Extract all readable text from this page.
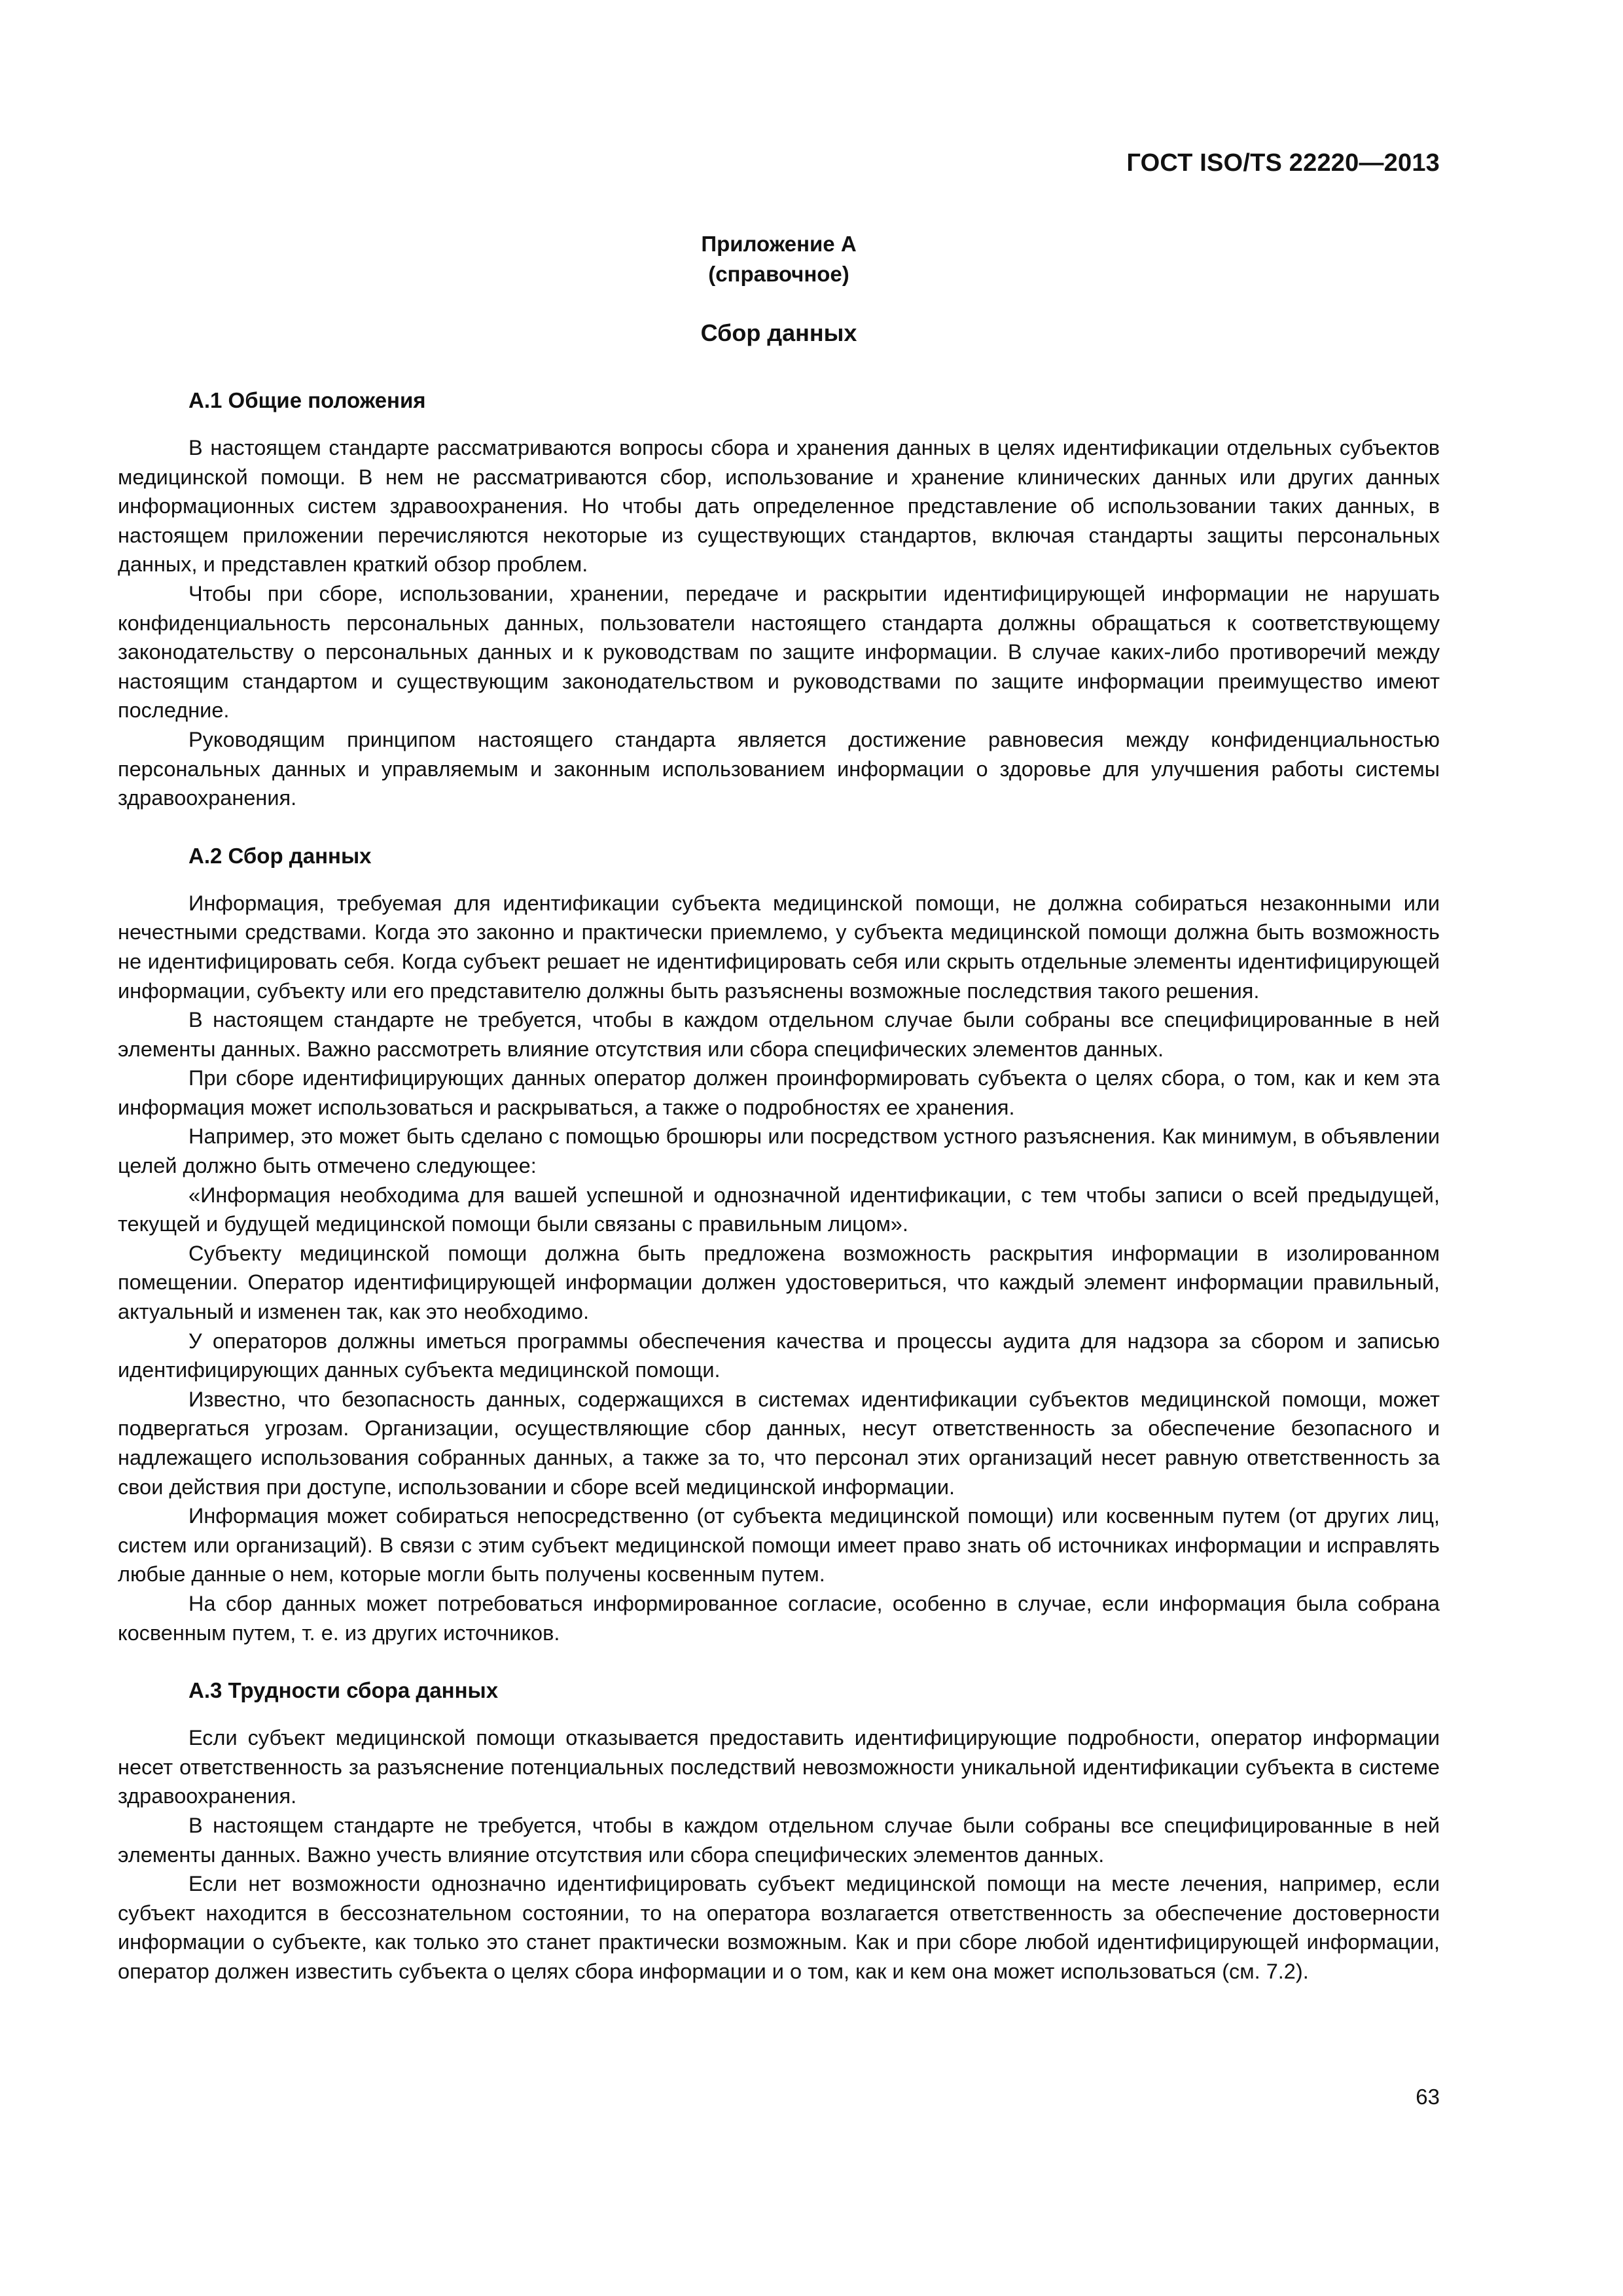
ГОСТ ISO/TS 22220—2013
Приложение А
(справочное)
Сбор данных
А.1 Общие положения

В настоящем стандарте рассматриваются вопросы сбора и хранения данных в целях идентификации отдельных субъектов медицинской помощи. В нем не рассматриваются сбор, использование и хранение клинических данных или других данных информационных систем здравоохранения. Но чтобы дать определенное представление об использовании таких данных, в настоящем приложении перечисляются некоторые из существующих стандартов, включая стандарты защиты персональных данных, и представлен краткий обзор проблем.

Чтобы при сборе, использовании, хранении, передаче и раскрытии идентифицирующей информации не нарушать конфиденциальность персональных данных, пользователи настоящего стандарта должны обращаться к соответствующему законодательству о персональных данных и к руководствам по защите информации. В случае каких-либо противоречий между настоящим стандартом и существующим законодательством и руководствами по защите информации преимущество имеют последние.

Руководящим принципом настоящего стандарта является достижение равновесия между конфиденциальностью персональных данных и управляемым и законным использованием информации о здоровье для улучшения работы системы здравоохранения.

А.2 Сбор данных

Информация, требуемая для идентификации субъекта медицинской помощи, не должна собираться незаконными или нечестными средствами. Когда это законно и практически приемлемо, у субъекта медицинской помощи должна быть возможность не идентифицировать себя. Когда субъект решает не идентифицировать себя или скрыть отдельные элементы идентифицирующей информации, субъекту или его представителю должны быть разъяснены возможные последствия такого решения.

В настоящем стандарте не требуется, чтобы в каждом отдельном случае были собраны все специфицированные в ней элементы данных. Важно рассмотреть влияние отсутствия или сбора специфических элементов данных.

При сборе идентифицирующих данных оператор должен проинформировать субъекта о целях сбора, о том, как и кем эта информация может использоваться и раскрываться, а также о подробностях ее хранения.

Например, это может быть сделано с помощью брошюры или посредством устного разъяснения. Как минимум, в объявлении целей должно быть отмечено следующее:

«Информация необходима для вашей успешной и однозначной идентификации, с тем чтобы записи о всей предыдущей, текущей и будущей медицинской помощи были связаны с правильным лицом».

Субъекту медицинской помощи должна быть предложена возможность раскрытия информации в изолированном помещении. Оператор идентифицирующей информации должен удостовериться, что каждый элемент информации правильный, актуальный и изменен так, как это необходимо.

У операторов должны иметься программы обеспечения качества и процессы аудита для надзора за сбором и записью идентифицирующих данных субъекта медицинской помощи.

Известно, что безопасность данных, содержащихся в системах идентификации субъектов медицинской помощи, может подвергаться угрозам. Организации, осуществляющие сбор данных, несут ответственность за обеспечение безопасного и надлежащего использования собранных данных, а также за то, что персонал этих организаций несет равную ответственность за свои действия при доступе, использовании и сборе всей медицинской информации.

Информация может собираться непосредственно (от субъекта медицинской помощи) или косвенным путем (от других лиц, систем или организаций). В связи с этим субъект медицинской помощи имеет право знать об источниках информации и исправлять любые данные о нем, которые могли быть получены косвенным путем.

На сбор данных может потребоваться информированное согласие, особенно в случае, если информация была собрана косвенным путем, т. е. из других источников.

А.3 Трудности сбора данных

Если субъект медицинской помощи отказывается предоставить идентифицирующие подробности, оператор информации несет ответственность за разъяснение потенциальных последствий невозможности уникальной идентификации субъекта в системе здравоохранения.

В настоящем стандарте не требуется, чтобы в каждом отдельном случае были собраны все специфицированные в ней элементы данных. Важно учесть влияние отсутствия или сбора специфических элементов данных.

Если нет возможности однозначно идентифицировать субъект медицинской помощи на месте лечения, например, если субъект находится в бессознательном состоянии, то на оператора возлагается ответственность за обеспечение достоверности информации о субъекте, как только это станет практически возможным. Как и при сборе любой идентифицирующей информации, оператор должен известить субъекта о целях сбора информации и о том, как и кем она может использоваться (см. 7.2).

63
